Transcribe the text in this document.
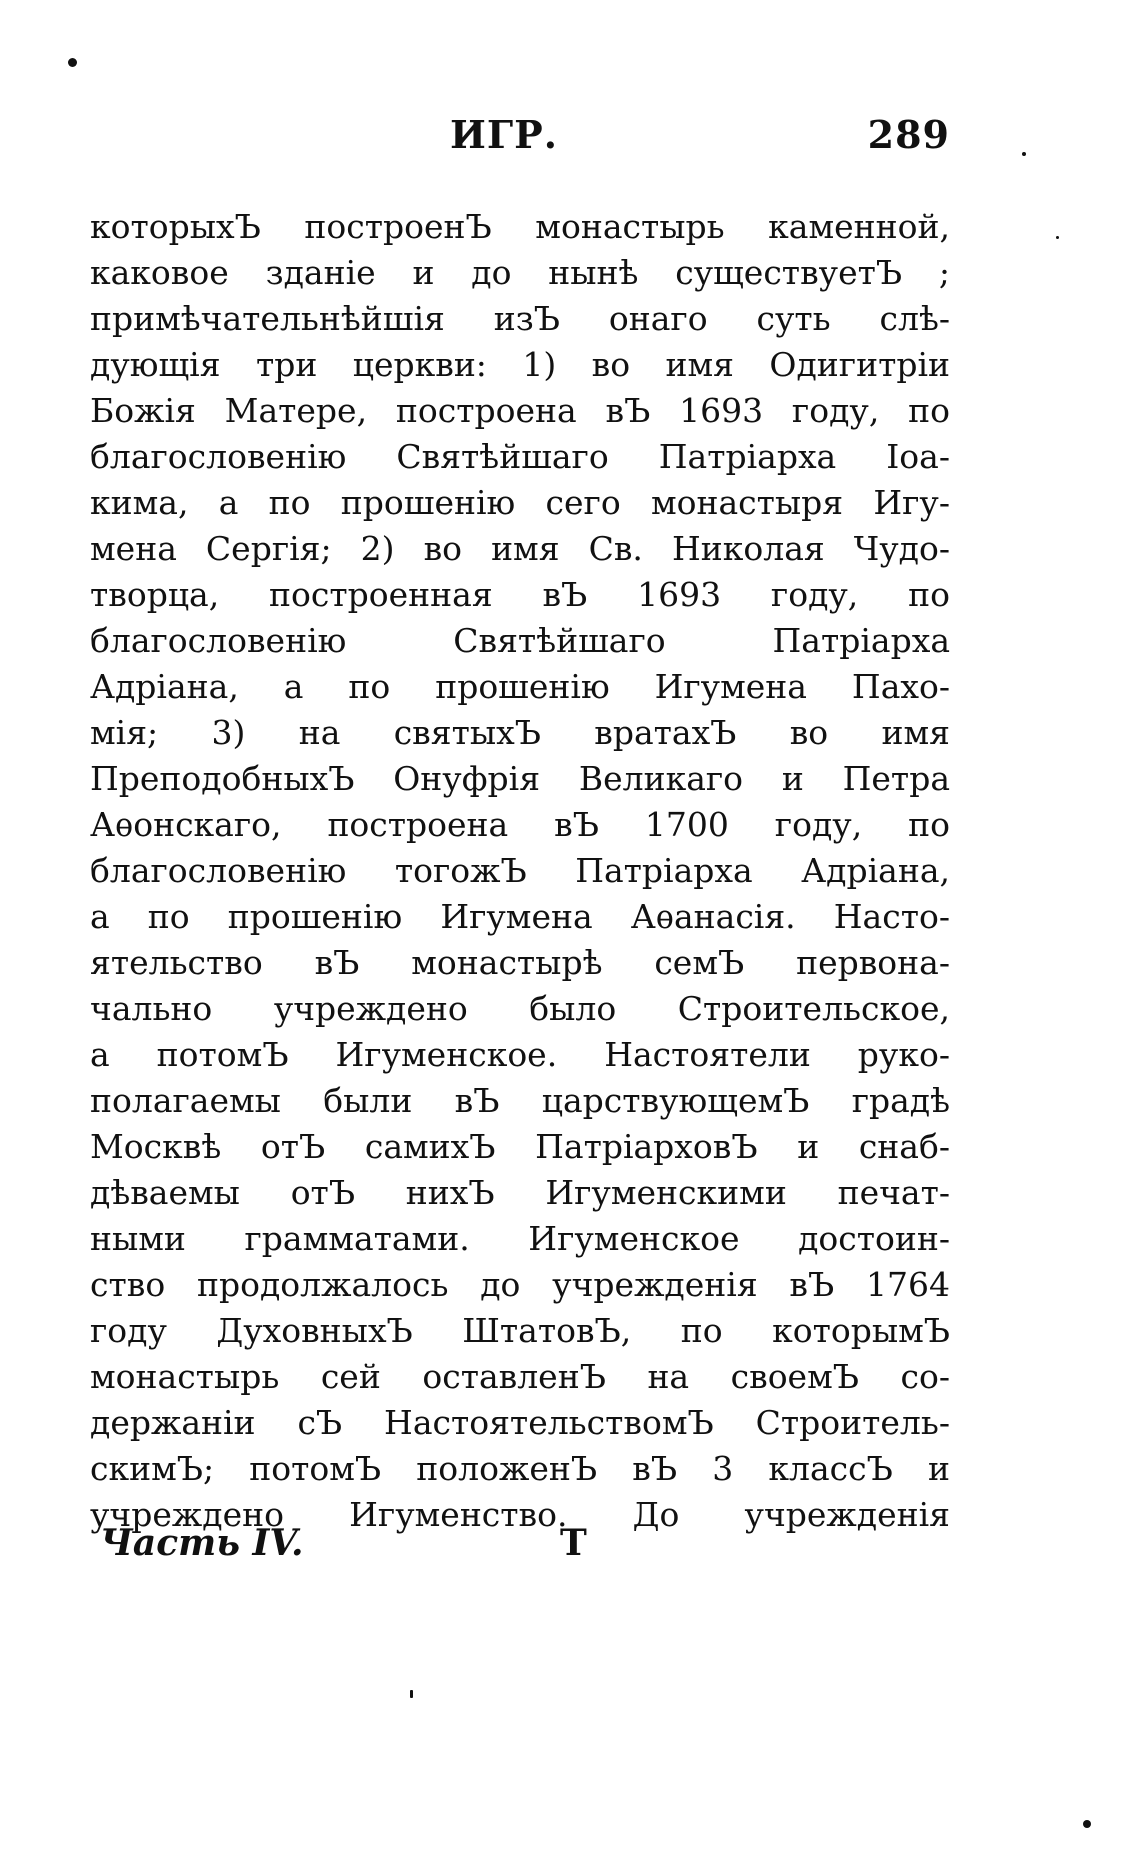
ИГР.	289
которыхЪ построенЪ монастырь каменной,
каковое зданіе и до нынѣ существуетЪ ;
примѣчательнѣйшія изЪ онаго суть слѣ-
дующія три церкви: 1) во имя Одигитріи
Божія Матере, построена вЪ 1693 году, по
благословенію Святѣйшаго Патріарха Іоа-
кима, а по прошенію сего монастыря Игу-
мена Сергія; 2) во имя Св. Николая Чудо-
творца, построенная вЪ 1693 году, по
благословенію Святѣйшаго Патріарха
Адріана, а по прошенію Игумена Пахо-
мія; 3) на святыхЪ вратахЪ во имя
ПреподобныхЪ Онуфрія Великаго и Петра
Аѳонскаго, построена вЪ 1700 году, по
благословенію тогожЪ Патріарха Адріана,
а по прошенію Игумена Аѳанасія. Насто-
ятельство вЪ монастырѣ семЪ первона-
чально учреждено было Строительское,
а потомЪ Игуменское. Настоятели руко-
полагаемы были вЪ царствующемЪ градѣ
Москвѣ отЪ самихЪ ПатріарховЪ и снаб-
дѣваемы отЪ нихЪ Игуменскими печат-
ными грамматами. Игуменское достоин-
ство продолжалось до учрежденія вЪ 1764
году ДуховныхЪ ШтатовЪ, по которымЪ
монастырь сей оставленЪ на своемЪ со-
держаніи сЪ НастоятельствомЪ Строитель-
скимЪ; потомЪ положенЪ вЪ 3 классЪ и
учреждено Игуменство. До учрежденія
Часть IV.	Т
